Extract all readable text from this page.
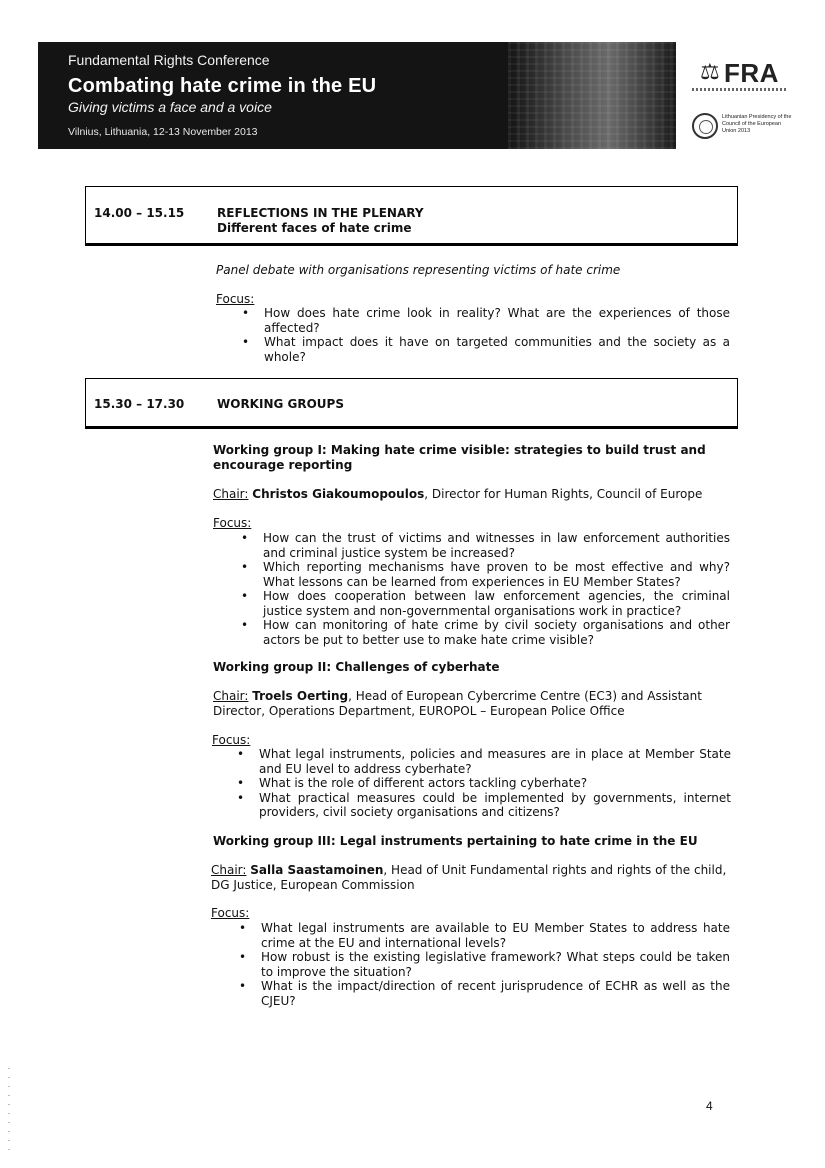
Fundamental Rights Conference
Combating hate crime in the EU
Giving victims a face and a voice
Vilnius, Lithuania, 12-13 November 2013
⚖ FRA
Lithuanian Presidency of the Council of the European Union 2013
14.00 – 15.15	REFLECTIONS IN THE PLENARY
Different faces of hate crime
Panel debate with organisations representing victims of hate crime
Focus:
• How does hate crime look in reality? What are the experiences of those affected?
• What impact does it have on targeted communities and the society as a whole?
15.30 – 17.30	WORKING GROUPS
Working group I: Making hate crime visible: strategies to build trust and encourage reporting
Chair: Christos Giakoumopoulos, Director for Human Rights, Council of Europe
Focus:
• How can the trust of victims and witnesses in law enforcement authorities and criminal justice system be increased?
• Which reporting mechanisms have proven to be most effective and why? What lessons can be learned from experiences in EU Member States?
• How does cooperation between law enforcement agencies, the criminal justice system and non-governmental organisations work in practice?
• How can monitoring of hate crime by civil society organisations and other actors be put to better use to make hate crime visible?
Working group II: Challenges of cyberhate
Chair: Troels Oerting, Head of European Cybercrime Centre (EC3) and Assistant Director, Operations Department, EUROPOL – European Police Office
Focus:
• What legal instruments, policies and measures are in place at Member State and EU level to address cyberhate?
• What is the role of different actors tackling cyberhate?
• What practical measures could be implemented by governments, internet providers, civil society organisations and citizens?
Working group III: Legal instruments pertaining to hate crime in the EU
Chair: Salla Saastamoinen, Head of Unit Fundamental rights and rights of the child, DG Justice, European Commission
Focus:
• What legal instruments are available to EU Member States to address hate crime at the EU and international levels?
• How robust is the existing legislative framework? What steps could be taken to improve the situation?
• What is the impact/direction of recent jurisprudence of ECHR as well as the CJEU?
4
